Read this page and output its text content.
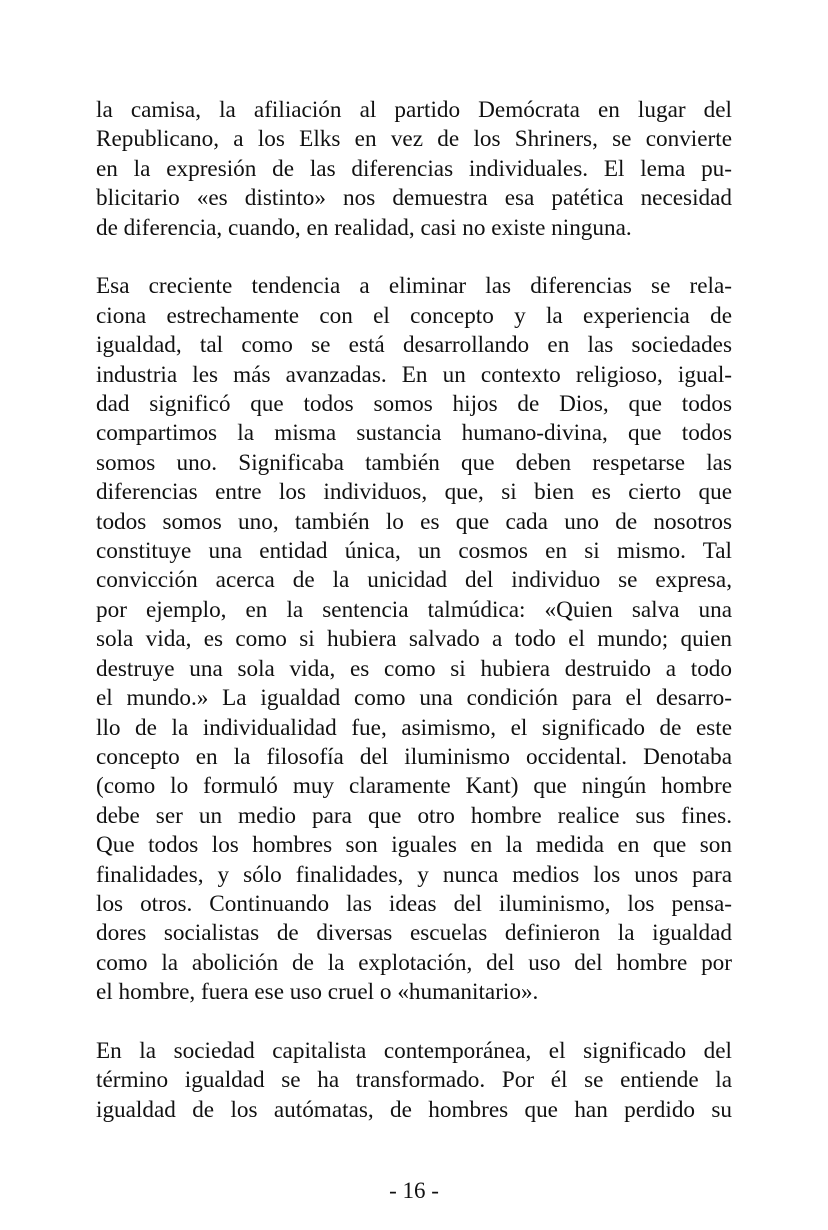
la camisa, la afiliación al partido Demócrata en lugar del
Republicano, a los Elks en vez de los Shriners, se convierte
en la expresión de las diferencias individuales. El lema pu-
blicitario «es distinto» nos demuestra esa patética necesidad
de diferencia, cuando, en realidad, casi no existe ninguna.

Esa creciente tendencia a eliminar las diferencias se rela-
ciona estrechamente con el concepto y la experiencia de
igualdad, tal como se está desarrollando en las sociedades
industria les más avanzadas. En un contexto religioso, igual-
dad significó que todos somos hijos de Dios, que todos
compartimos la misma sustancia humano-divina, que todos
somos uno. Significaba también que deben respetarse las
diferencias entre los individuos, que, si bien es cierto que
todos somos uno, también lo es que cada uno de nosotros
constituye una entidad única, un cosmos en si mismo. Tal
convicción acerca de la unicidad del individuo se expresa,
por ejemplo, en la sentencia talmúdica: «Quien salva una
sola vida, es como si hubiera salvado a todo el mundo; quien
destruye una sola vida, es como si hubiera destruido a todo
el mundo.» La igualdad como una condición para el desarro-
llo de la individualidad fue, asimismo, el significado de este
concepto en la filosofía del iluminismo occidental. Denotaba
(como lo formuló muy claramente Kant) que ningún hombre
debe ser un medio para que otro hombre realice sus fines.
Que todos los hombres son iguales en la medida en que son
finalidades, y sólo finalidades, y nunca medios los unos para
los otros. Continuando las ideas del iluminismo, los pensa-
dores socialistas de diversas escuelas definieron la igualdad
como la abolición de la explotación, del uso del hombre por
el hombre, fuera ese uso cruel o «humanitario».

En la sociedad capitalista contemporánea, el significado del
término igualdad se ha transformado. Por él se entiende la
igualdad de los autómatas, de hombres que han perdido su

- 16 -
